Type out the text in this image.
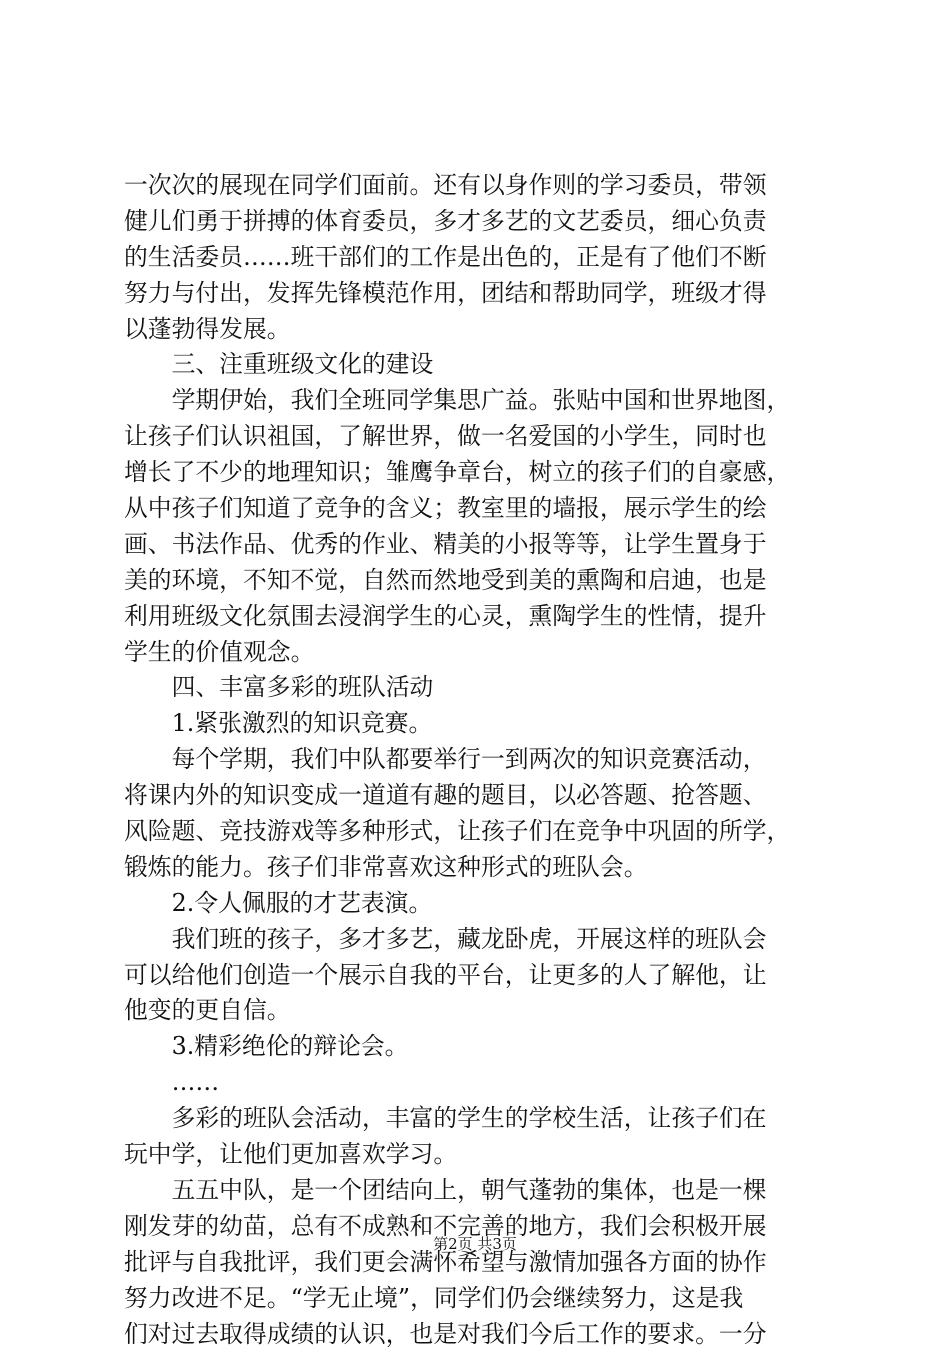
一次次的展现在同学们面前。还有以身作则的学习委员，带领
健儿们勇于拼搏的体育委员，多才多艺的文艺委员，细心负责
的生活委员……班干部们的工作是出色的，正是有了他们不断
努力与付出，发挥先锋模范作用，团结和帮助同学，班级才得
以蓬勃得发展。
　　三、注重班级文化的建设
　　学期伊始，我们全班同学集思广益。张贴中国和世界地图，
让孩子们认识祖国，了解世界，做一名爱国的小学生，同时也
增长了不少的地理知识；雏鹰争章台，树立的孩子们的自豪感，
从中孩子们知道了竞争的含义；教室里的墙报，展示学生的绘
画、书法作品、优秀的作业、精美的小报等等，让学生置身于
美的环境，不知不觉，自然而然地受到美的熏陶和启迪，也是
利用班级文化氛围去浸润学生的心灵，熏陶学生的性情，提升
学生的价值观念。
　　四、丰富多彩的班队活动
　　1.紧张激烈的知识竞赛。
　　每个学期，我们中队都要举行一到两次的知识竞赛活动，
将课内外的知识变成一道道有趣的题目，以必答题、抢答题、
风险题、竞技游戏等多种形式，让孩子们在竞争中巩固的所学，
锻炼的能力。孩子们非常喜欢这种形式的班队会。
　　2.令人佩服的才艺表演。
　　我们班的孩子，多才多艺，藏龙卧虎，开展这样的班队会
可以给他们创造一个展示自我的平台，让更多的人了解他，让
他变的更自信。
　　3.精彩绝伦的辩论会。
　　……
　　多彩的班队会活动，丰富的学生的学校生活，让孩子们在
玩中学，让他们更加喜欢学习。
　　五五中队，是一个团结向上，朝气蓬勃的集体，也是一棵
刚发芽的幼苗，总有不成熟和不完善的地方，我们会积极开展
批评与自我批评，我们更会满怀希望与激情加强各方面的协作
努力改进不足。“学无止境”，同学们仍会继续努力，这是我
们对过去取得成绩的认识，也是对我们今后工作的要求。一分
第2页 共3页
